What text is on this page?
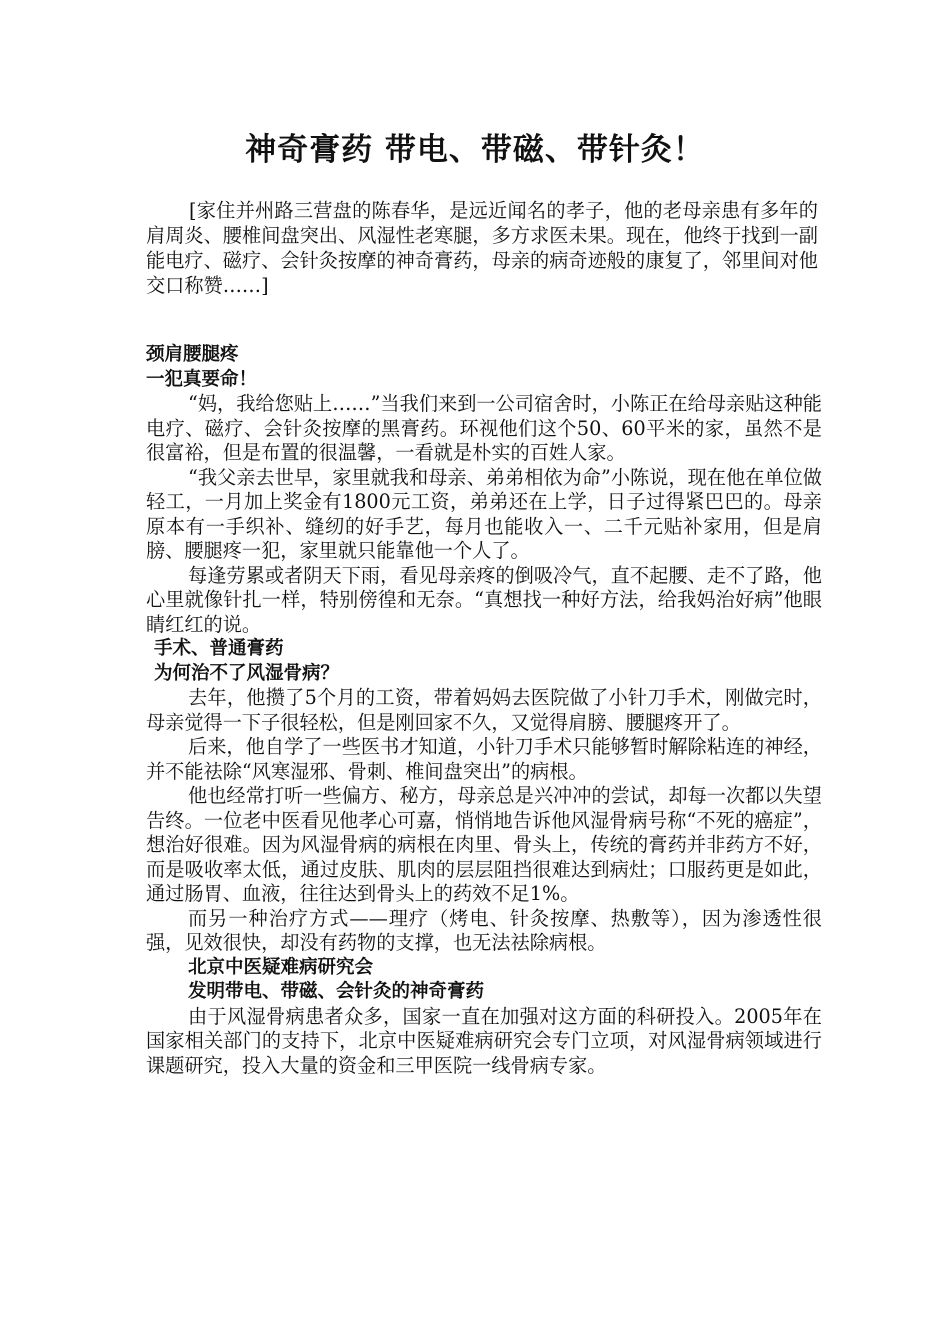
神奇膏药 带电、带磁、带针灸！

[家住并州路三营盘的陈春华，是远近闻名的孝子，他的老母亲患有多年的肩周炎、腰椎间盘突出、风湿性老寒腿，多方求医未果。现在，他终于找到一副能电疗、磁疗、会针灸按摩的神奇膏药，母亲的病奇迹般的康复了，邻里间对他交口称赞……]

颈肩腰腿疼
一犯真要命！

“妈，我给您贴上……”当我们来到一公司宿舍时，小陈正在给母亲贴这种能电疗、磁疗、会针灸按摩的黑膏药。环视他们这个50、60平米的家，虽然不是很富裕，但是布置的很温馨，一看就是朴实的百姓人家。

“我父亲去世早，家里就我和母亲、弟弟相依为命”小陈说，现在他在单位做轻工，一月加上奖金有1800元工资，弟弟还在上学，日子过得紧巴巴的。母亲原本有一手织补、缝纫的好手艺，每月也能收入一、二千元贴补家用，但是肩膀、腰腿疼一犯，家里就只能靠他一个人了。

每逢劳累或者阴天下雨，看见母亲疼的倒吸冷气，直不起腰、走不了路，他心里就像针扎一样，特别傍徨和无奈。“真想找一种好方法，给我妈治好病”他眼睛红红的说。

手术、普通膏药
为何治不了风湿骨病？

去年，他攒了5个月的工资，带着妈妈去医院做了小针刀手术，刚做完时，母亲觉得一下子很轻松，但是刚回家不久，又觉得肩膀、腰腿疼开了。

后来，他自学了一些医书才知道，小针刀手术只能够暂时解除粘连的神经，并不能祛除“风寒湿邪、骨刺、椎间盘突出”的病根。

他也经常打听一些偏方、秘方，母亲总是兴冲冲的尝试，却每一次都以失望告终。一位老中医看见他孝心可嘉，悄悄地告诉他风湿骨病号称“不死的癌症”，想治好很难。因为风湿骨病的病根在肉里、骨头上，传统的膏药并非药方不好，而是吸收率太低，通过皮肤、肌肉的层层阻挡很难达到病灶；口服药更是如此，通过肠胃、血液，往往达到骨头上的药效不足1%。

而另一种治疗方式——理疗（烤电、针灸按摩、热敷等），因为渗透性很强，见效很快，却没有药物的支撑，也无法祛除病根。

北京中医疑难病研究会
发明带电、带磁、会针灸的神奇膏药

由于风湿骨病患者众多，国家一直在加强对这方面的科研投入。2005年在国家相关部门的支持下，北京中医疑难病研究会专门立项，对风湿骨病领域进行课题研究，投入大量的资金和三甲医院一线骨病专家。
